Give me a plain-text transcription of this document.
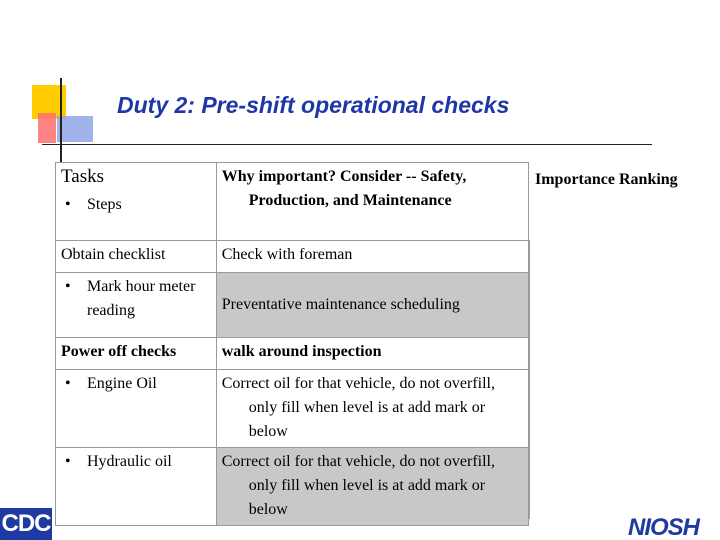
Duty 2: Pre-shift operational checks
Tasks
• Steps	Why important? Consider -- Safety, Production, and Maintenance

Obtain checklist	Check with foreman

• Mark hour meter reading	Preventative maintenance scheduling

Power off checks	walk around inspection

• Engine Oil	Correct oil for that vehicle, do not overfill, only fill when level is at add mark or below

• Hydraulic oil	Correct oil for that vehicle, do not overfill, only fill when level is at add mark or below
Importance Ranking
CDC	NIOSH
